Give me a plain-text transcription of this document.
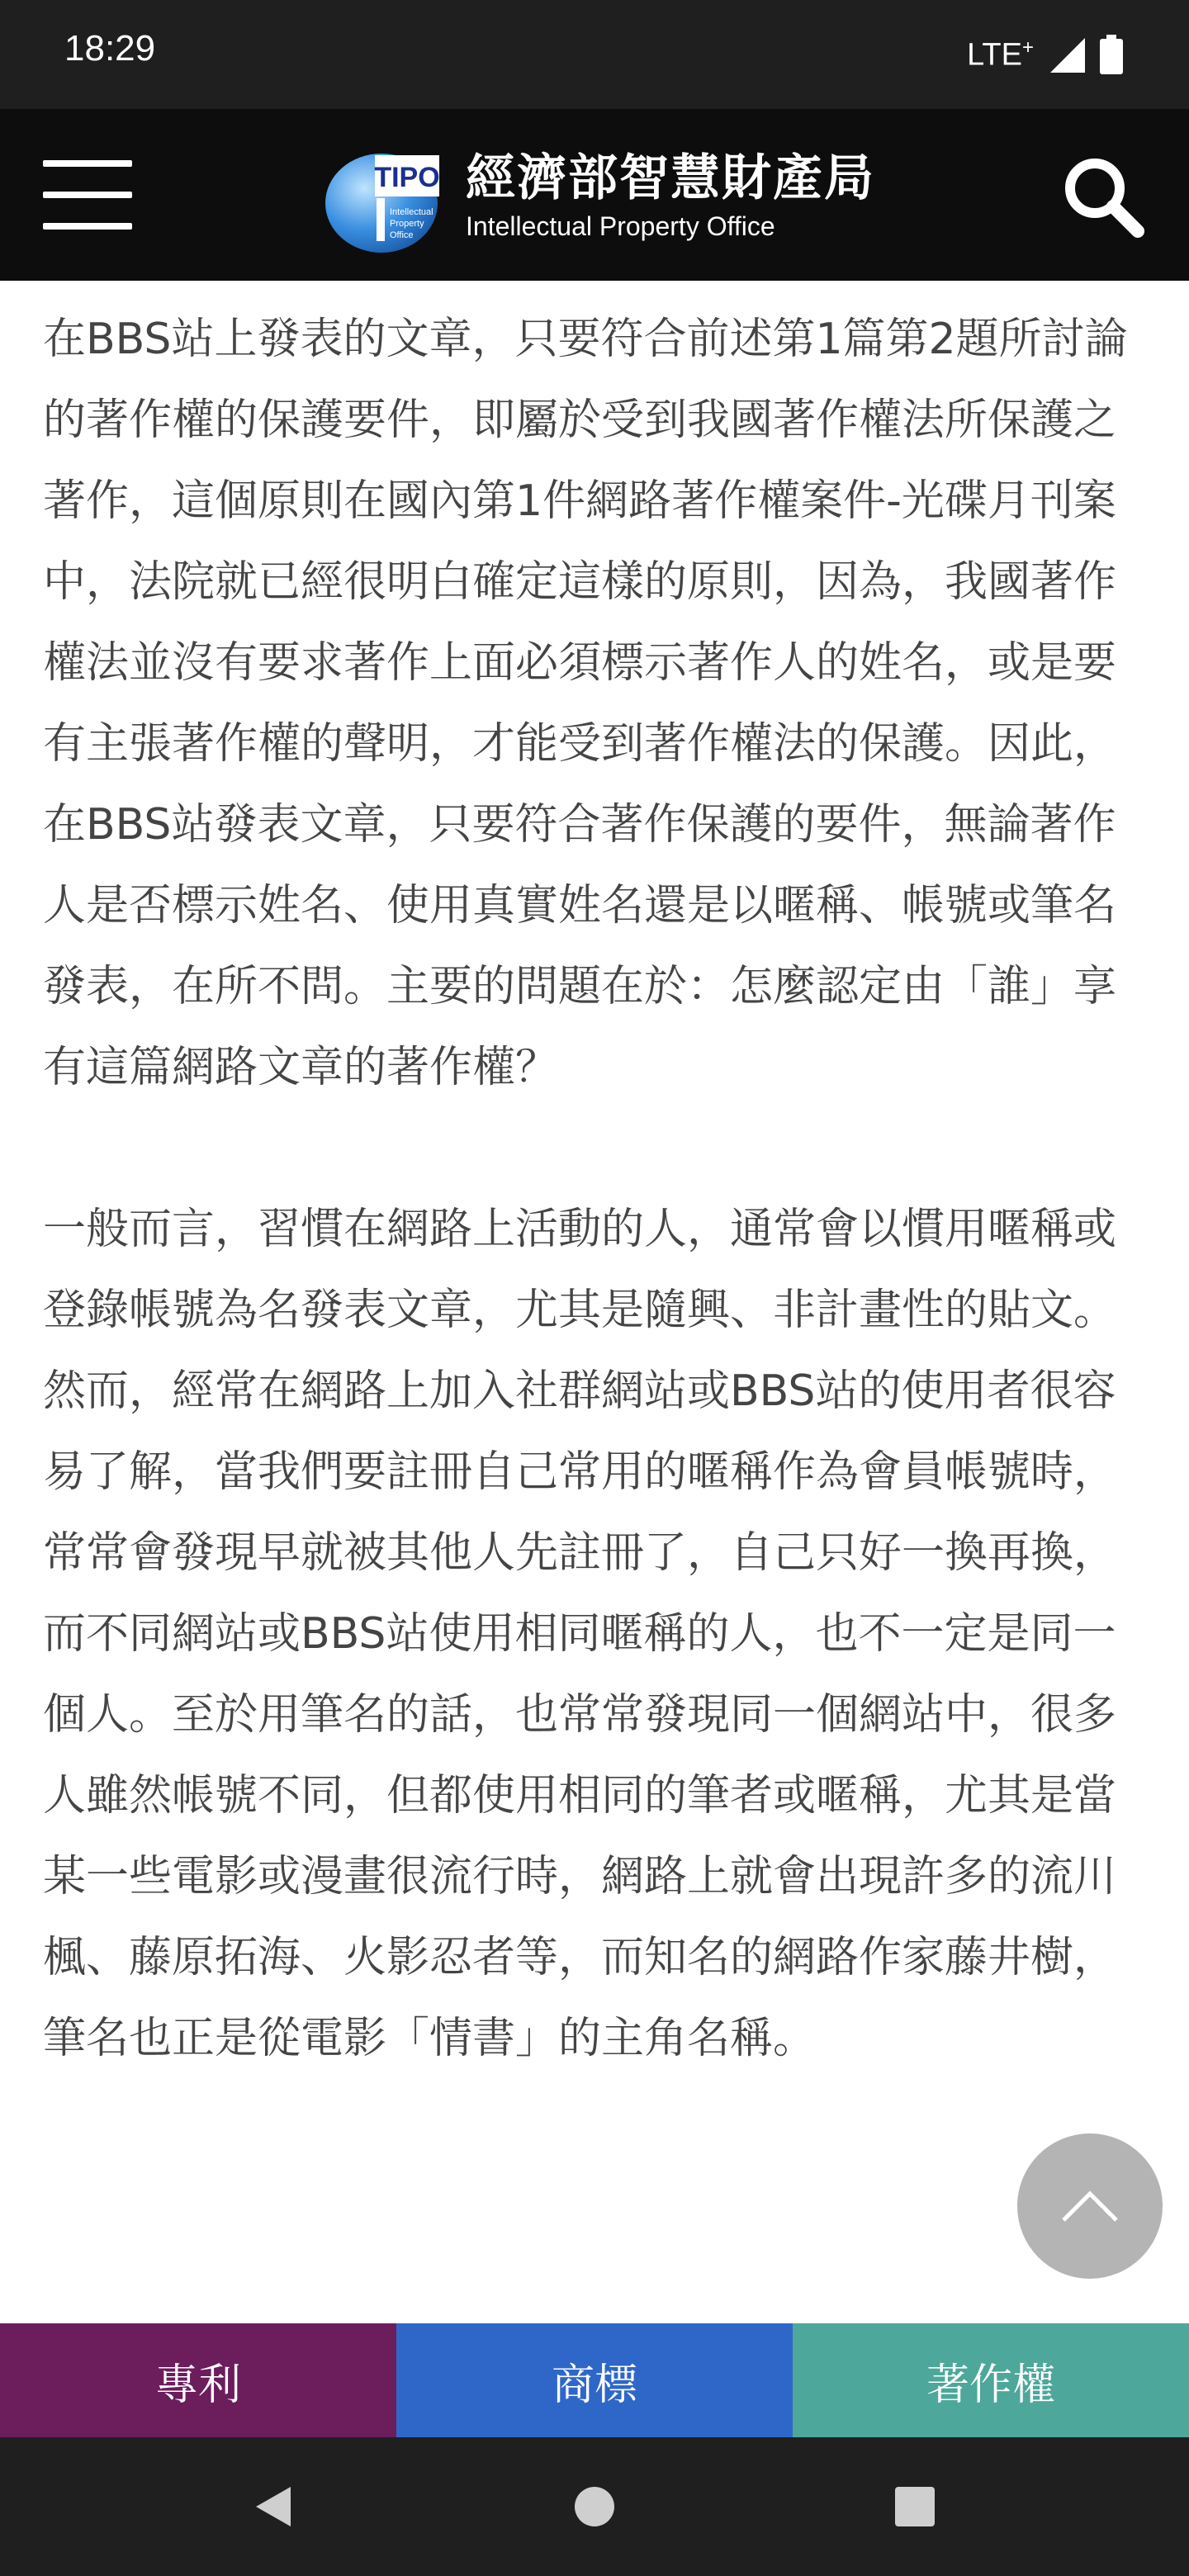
18:29	LTE+
TIPO
Intellectual
Property
Office
經濟部智慧財產局
Intellectual Property Office

在BBS站上發表的文章，只要符合前述第1篇第2題所討論的著作權的保護要件，即屬於受到我國著作權法所保護之著作，這個原則在國內第1件網路著作權案件-光碟月刊案中，法院就已經很明白確定這樣的原則，因為，我國著作權法並沒有要求著作上面必須標示著作人的姓名，或是要有主張著作權的聲明，才能受到著作權法的保護。因此，在BBS站發表文章，只要符合著作保護的要件，無論著作人是否標示姓名、使用真實姓名還是以暱稱、帳號或筆名發表，在所不問。主要的問題在於：怎麼認定由「誰」享有這篇網路文章的著作權？

一般而言，習慣在網路上活動的人，通常會以慣用暱稱或登錄帳號為名發表文章，尤其是隨興、非計畫性的貼文。然而，經常在網路上加入社群網站或BBS站的使用者很容易了解，當我們要註冊自己常用的暱稱作為會員帳號時，常常會發現早就被其他人先註冊了，自己只好一換再換，而不同網站或BBS站使用相同暱稱的人，也不一定是同一個人。至於用筆名的話，也常常發現同一個網站中，很多人雖然帳號不同，但都使用相同的筆者或暱稱，尤其是當某一些電影或漫畫很流行時，網路上就會出現許多的流川楓、藤原拓海、火影忍者等，而知名的網路作家藤井樹，筆名也正是從電影「情書」的主角名稱。

專利	商標	著作權
